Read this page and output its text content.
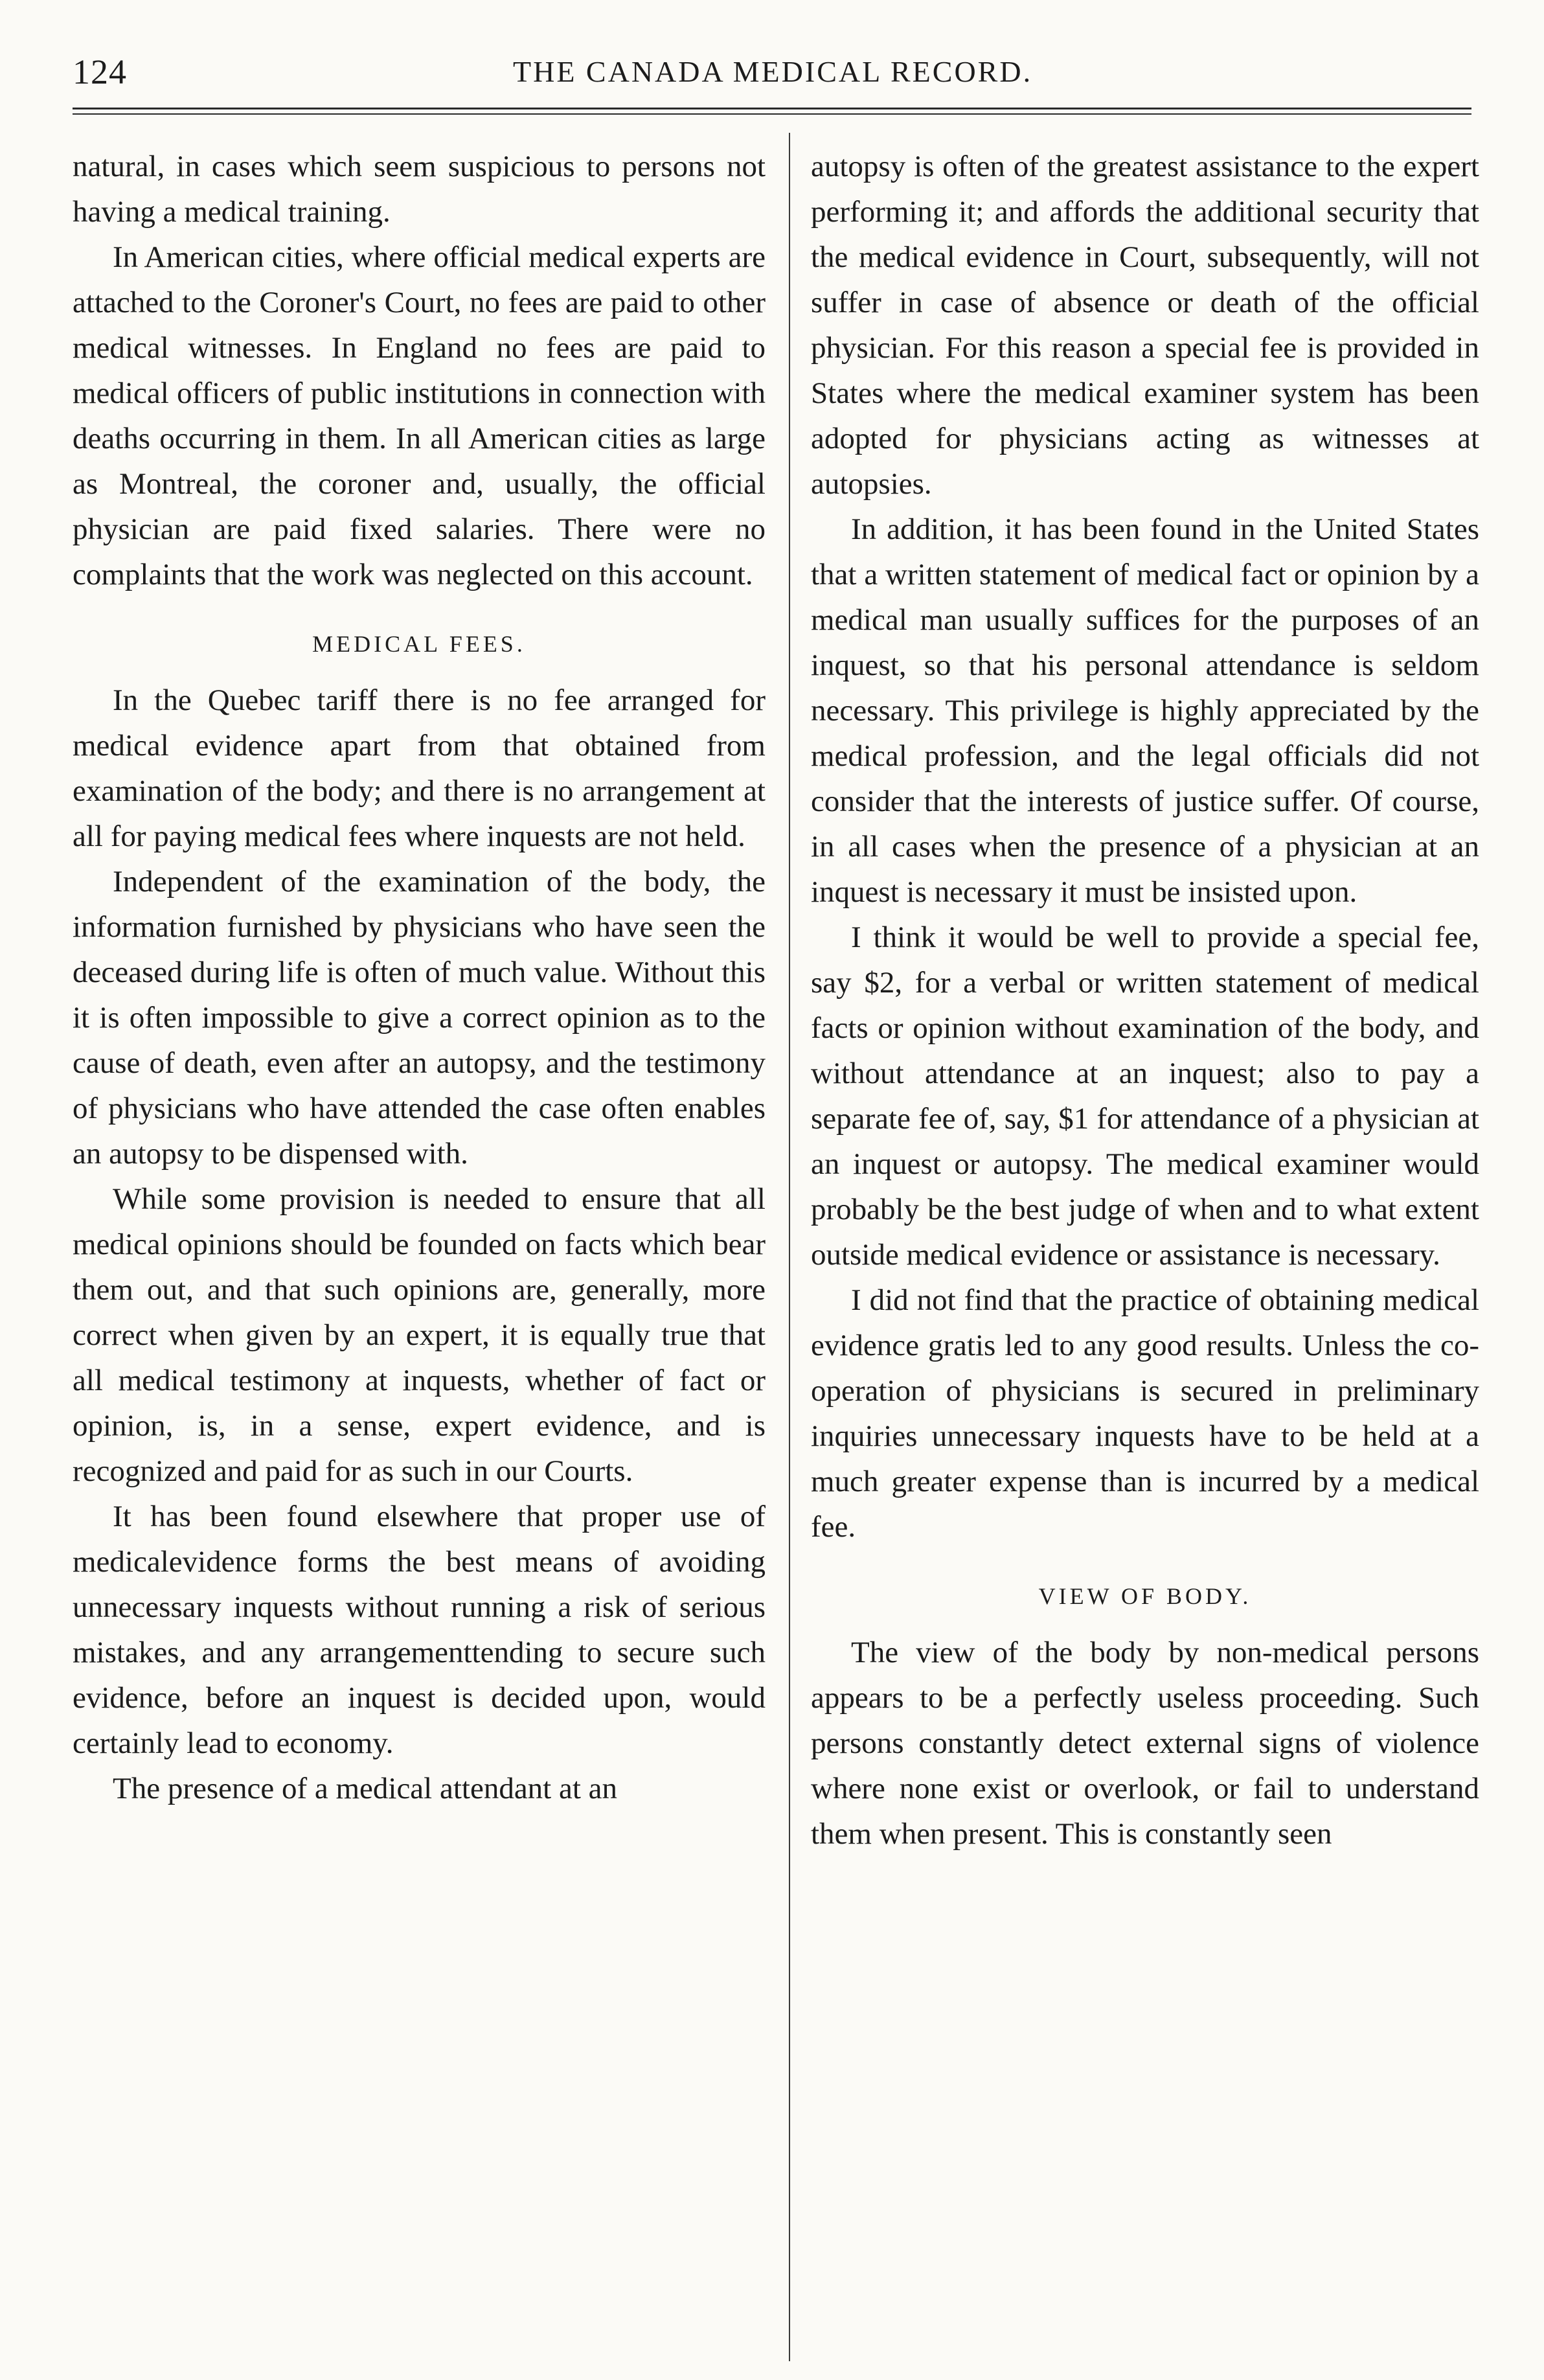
124	THE CANADA MEDICAL RECORD.

natural, in cases which seem suspicious to persons not having a medical training.

In American cities, where official medical experts are attached to the Coroner's Court, no fees are paid to other medical witnesses. In England no fees are paid to medical officers of public institutions in connection with deaths occurring in them. In all American cities as large as Montreal, the coroner and, usually, the official physician are paid fixed salaries. There were no complaints that the work was neglected on this account.

MEDICAL FEES.

In the Quebec tariff there is no fee arranged for medical evidence apart from that obtained from examination of the body; and there is no arrangement at all for paying medical fees where inquests are not held.

Independent of the examination of the body, the information furnished by physicians who have seen the deceased during life is often of much value. Without this it is often impossible to give a correct opinion as to the cause of death, even after an autopsy, and the testimony of physicians who have attended the case often enables an autopsy to be dispensed with.

While some provision is needed to ensure that all medical opinions should be founded on facts which bear them out, and that such opinions are, generally, more correct when given by an expert, it is equally true that all medical testimony at inquests, whether of fact or opinion, is, in a sense, expert evidence, and is recognized and paid for as such in our Courts.

It has been found elsewhere that proper use of medicalevidence forms the best means of avoiding unnecessary inquests without running a risk of serious mistakes, and any arrangementtending to secure such evidence, before an inquest is decided upon, would certainly lead to economy.

The presence of a medical attendant at an

autopsy is often of the greatest assistance to the expert performing it; and affords the additional security that the medical evidence in Court, subsequently, will not suffer in case of absence or death of the official physician. For this reason a special fee is provided in States where the medical examiner system has been adopted for physicians acting as witnesses at autopsies.

In addition, it has been found in the United States that a written statement of medical fact or opinion by a medical man usually suffices for the purposes of an inquest, so that his personal attendance is seldom necessary. This privilege is highly appreciated by the medical profession, and the legal officials did not consider that the interests of justice suffer. Of course, in all cases when the presence of a physician at an inquest is necessary it must be insisted upon.

I think it would be well to provide a special fee, say $2, for a verbal or written statement of medical facts or opinion without examination of the body, and without attendance at an inquest; also to pay a separate fee of, say, $1 for attendance of a physician at an inquest or autopsy. The medical examiner would probably be the best judge of when and to what extent outside medical evidence or assistance is necessary.

I did not find that the practice of obtaining medical evidence gratis led to any good results. Unless the co-operation of physicians is secured in preliminary inquiries unnecessary inquests have to be held at a much greater expense than is incurred by a medical fee.

VIEW OF BODY.

The view of the body by non-medical persons appears to be a perfectly useless proceeding. Such persons constantly detect external signs of violence where none exist or overlook, or fail to understand them when present. This is constantly seen
